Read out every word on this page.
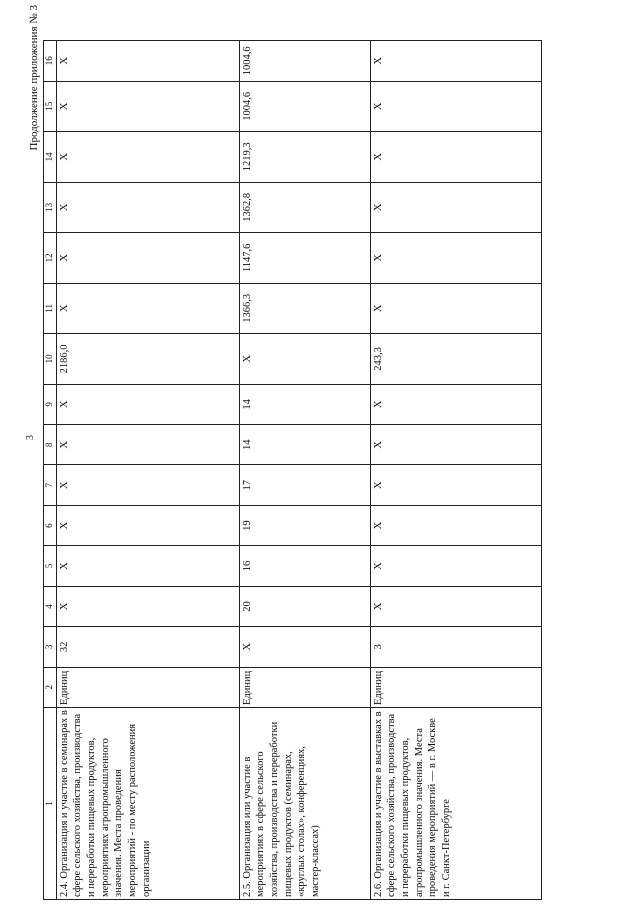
3
Продолжение приложения № 3
1	2	3	4	5	6	7	8	9	10	11	12	13	14	15	16
2.4. Организация и участие в семинарах в сфере сельского хозяйства, производства и переработки пищевых продуктов, мероприятиях агропромышленного значения. Места проведения мероприятий - по месту расположения организации	Единиц	32	Х	Х	Х	Х	Х	Х	2186,0	Х	Х	Х	Х	Х	Х
2.5. Организация или участие в мероприятиях в сфере сельского хозяйства, производства и переработки пищевых продуктов (семинарах, «круглых столах», конференциях, мастер-классах)	Единиц	Х	20	16	19	17	14	14	Х	1366,3	1147,6	1362,8	1219,3	1004,6	1004,6
2.6. Организация и участие в выставках в сфере сельского хозяйства, производства и переработки пищевых продуктов, агропромышленного значения. Места проведения мероприятий — в г. Москве и г. Санкт-Петербурге	Единиц	3	Х	Х	Х	Х	Х	Х	243,3	Х	Х	Х	Х	Х	Х
